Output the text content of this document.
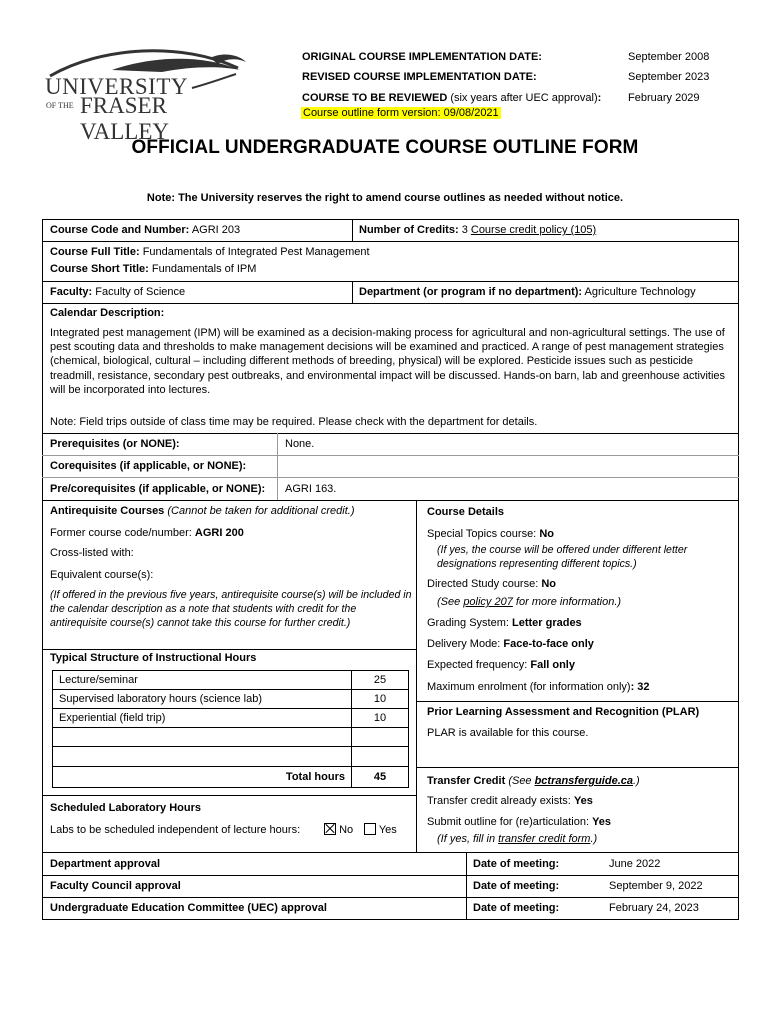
UNIVERSITY
OF THE FRASER VALLEY
ORIGINAL COURSE IMPLEMENTATION DATE:	September 2008
REVISED COURSE IMPLEMENTATION DATE:	September 2023
COURSE TO BE REVIEWED (six years after UEC approval): February 2029
Course outline form version: 09/08/2021
OFFICIAL UNDERGRADUATE COURSE OUTLINE FORM
Note: The University reserves the right to amend course outlines as needed without notice.
Course Code and Number: AGRI 203	Number of Credits: 3 Course credit policy (105)
Course Full Title: Fundamentals of Integrated Pest Management
Course Short Title: Fundamentals of IPM
Faculty: Faculty of Science	Department (or program if no department): Agriculture Technology
Calendar Description:
Integrated pest management (IPM) will be examined as a decision-making process for agricultural and non-agricultural settings. The use of pest scouting data and thresholds to make management decisions will be examined and practiced. A range of pest management strategies (chemical, biological, cultural – including different methods of breeding, physical) will be explored. Pesticide issues such as pesticide treadmill, resistance, secondary pest outbreaks, and environmental impact will be discussed. Hands-on barn, lab and greenhouse activities will be incorporated into lectures.
Note: Field trips outside of class time may be required. Please check with the department for details.
Prerequisites (or NONE):	None.
Corequisites (if applicable, or NONE):
Pre/corequisites (if applicable, or NONE): AGRI 163.
Antirequisite Courses (Cannot be taken for additional credit.)
Former course code/number: AGRI 200
Cross-listed with:
Equivalent course(s):
(If offered in the previous five years, antirequisite course(s) will be included in the calendar description as a note that students with credit for the antirequisite course(s) cannot take this course for further credit.)
Typical Structure of Instructional Hours
Lecture/seminar	25
Supervised laboratory hours (science lab)	10
Experiential (field trip)	10
Total hours	45
Scheduled Laboratory Hours
Labs to be scheduled independent of lecture hours:	No	Yes
Course Details
Special Topics course: No
(If yes, the course will be offered under different letter designations representing different topics.)
Directed Study course: No
(See policy 207 for more information.)
Grading System: Letter grades
Delivery Mode: Face-to-face only
Expected frequency: Fall only
Maximum enrolment (for information only): 32
Prior Learning Assessment and Recognition (PLAR)
PLAR is available for this course.
Transfer Credit (See bctransferguide.ca.)
Transfer credit already exists: Yes
Submit outline for (re)articulation: Yes
(If yes, fill in transfer credit form.)
Department approval	Date of meeting:	June 2022
Faculty Council approval	Date of meeting:	September 9, 2022
Undergraduate Education Committee (UEC) approval	Date of meeting:	February 24, 2023
